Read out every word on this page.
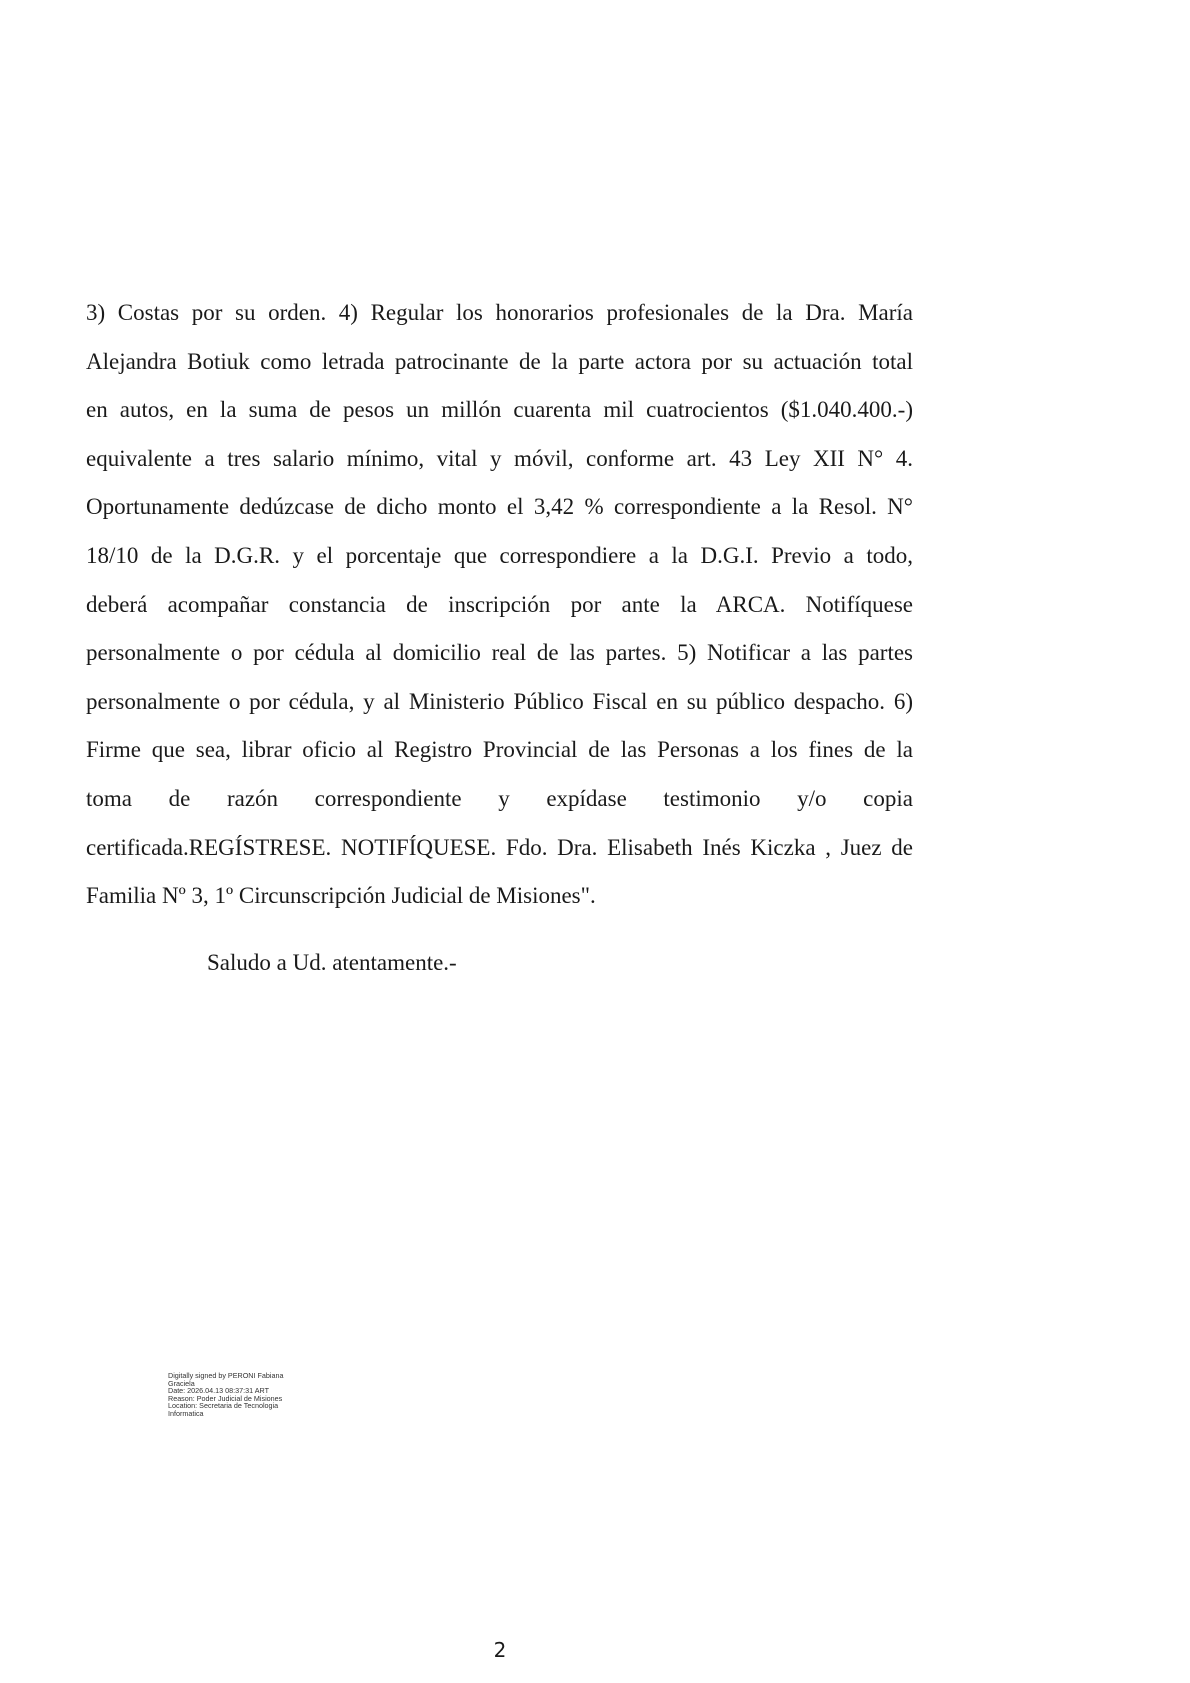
3) Costas por su orden. 4) Regular los honorarios profesionales de la Dra. María
Alejandra Botiuk como letrada patrocinante de la parte actora por su actuación total
en autos, en la suma de pesos un millón cuarenta mil cuatrocientos ($1.040.400.-)
equivalente a tres salario mínimo, vital y móvil, conforme art. 43 Ley XII N° 4.
Oportunamente dedúzcase de dicho monto el 3,42 % correspondiente a la Resol. N°
18/10 de la D.G.R. y el porcentaje que correspondiere a la D.G.I. Previo a todo,
deberá acompañar constancia de inscripción por ante la ARCA. Notifíquese
personalmente o por cédula al domicilio real de las partes. 5) Notificar a las partes
personalmente o por cédula, y al Ministerio Público Fiscal en su público despacho. 6)
Firme que sea, librar oficio al Registro Provincial de las Personas a los fines de la
toma de razón correspondiente y expídase testimonio y/o copia
certificada.REGÍSTRESE. NOTIFÍQUESE. Fdo. Dra. Elisabeth Inés Kiczka , Juez de
Familia Nº 3, 1º Circunscripción Judicial de Misiones".
Saludo a Ud. atentamente.-
Digitally signed by PERONI Fabiana
Graciela
Date: 2026.04.13 08:37:31 ART
Reason: Poder Judicial de Misiones
Location: Secretaria de Tecnologia
Informatica
2
